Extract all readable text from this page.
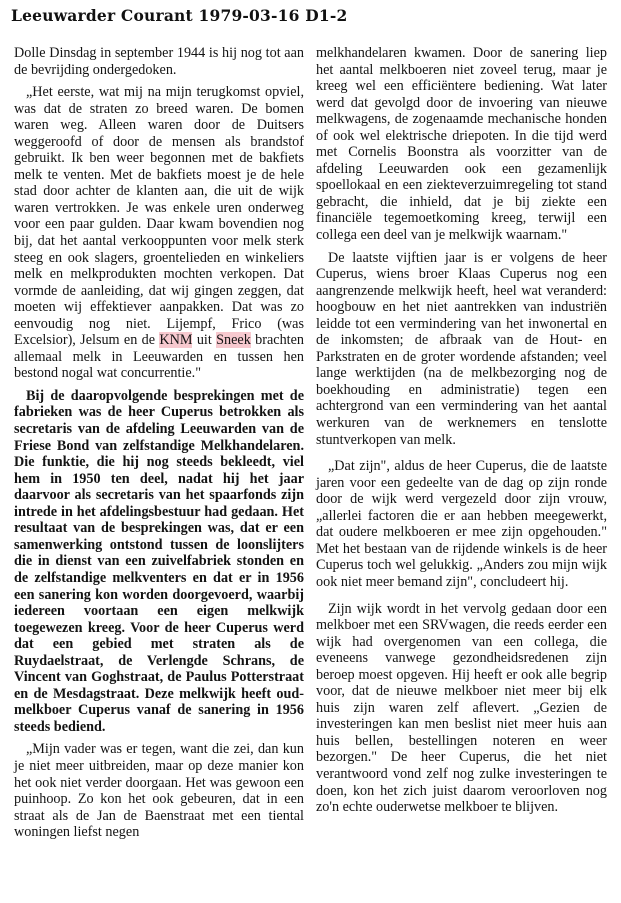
Leeuwarder Courant 1979-03-16 D1-2

Dolle Dinsdag in september 1944 is hij nog tot aan de bevrijding ondergedoken.

„Het eerste, wat mij na mijn terugkomst opviel, was dat de straten zo breed waren. De bomen waren weg. Alleen waren door de Duitsers weggeroofd of door de mensen als brandstof gebruikt. Ik ben weer begonnen met de bakfiets melk te venten. Met de bakfiets moest je de hele stad door achter de klanten aan, die uit de wijk waren vertrokken. Je was enkele uren onderweg voor een paar gulden. Daar kwam bovendien nog bij, dat het aantal verkooppunten voor melk sterk steeg en ook slagers, groentelieden en winkeliers melk en melkprodukten mochten verkopen. Dat vormde de aanleiding, dat wij gingen zeggen, dat moeten wij effektiever aanpakken. Dat was zo eenvoudig nog niet. Lijempf, Frico (was Excelsior), Jelsum en de KNM uit Sneek brachten allemaal melk in Leeuwarden en tussen hen bestond nogal wat concurrentie."

Bij de daaropvolgende besprekingen met de fabrieken was de heer Cuperus betrokken als secretaris van de afdeling Leeuwarden van de Friese Bond van zelfstandige Melkhandelaren. Die funktie, die hij nog steeds bekleedt, viel hem in 1950 ten deel, nadat hij het jaar daarvoor als secretaris van het spaarfonds zijn intrede in het afdelingsbestuur had gedaan. Het resultaat van de besprekingen was, dat er een samenwerking ontstond tussen de loonslijters die in dienst van een zuivelfabriek stonden en de zelfstandige melkventers en dat er in 1956 een sanering kon worden doorgevoerd, waarbij iedereen voortaan een eigen melkwijk toegewezen kreeg. Voor de heer Cuperus werd dat een gebied met straten als de Ruydaelstraat, de Verlengde Schrans, de Vincent van Goghstraat, de Paulus Potterstraat en de Mesdagstraat. Deze melkwijk heeft oud-melkboer Cuperus vanaf de sanering in 1956 steeds bediend.

„Mijn vader was er tegen, want die zei, dan kun je niet meer uitbreiden, maar op deze manier kon het ook niet verder doorgaan. Het was gewoon een puinhoop. Zo kon het ook gebeuren, dat in een straat als de Jan de Baenstraat met een tiental woningen liefst negen

melkhandelaren kwamen. Door de sanering liep het aantal melkboeren niet zoveel terug, maar je kreeg wel een efficiëntere bediening. Wat later werd dat gevolgd door de invoering van nieuwe melkwagens, de zogenaamde mechanische honden of ook wel elektrische driepoten. In die tijd werd met Cornelis Boonstra als voorzitter van de afdeling Leeuwarden ook een gezamenlijk spoellokaal en een ziekteverzuimregeling tot stand gebracht, die inhield, dat je bij ziekte een financiële tegemoetkoming kreeg, terwijl een collega een deel van je melkwijk waarnam."

De laatste vijftien jaar is er volgens de heer Cuperus, wiens broer Klaas Cuperus nog een aangrenzende melkwijk heeft, heel wat veranderd: hoogbouw en het niet aantrekken van industriën leidde tot een vermindering van het inwonertal en de inkomsten; de afbraak van de Hout- en Parkstraten en de groter wordende afstanden; veel lange werktijden (na de melkbezorging nog de boekhouding en administratie) tegen een achtergrond van een vermindering van het aantal werkuren van de werknemers en tenslotte stuntverkopen van melk.

„Dat zijn", aldus de heer Cuperus, die de laatste jaren voor een gedeelte van de dag op zijn ronde door de wijk werd vergezeld door zijn vrouw, „allerlei factoren die er aan hebben meegewerkt, dat oudere melkboeren er mee zijn opgehouden." Met het bestaan van de rijdende winkels is de heer Cuperus toch wel gelukkig. „Anders zou mijn wijk ook niet meer bemand zijn", concludeert hij.

Zijn wijk wordt in het vervolg gedaan door een melkboer met een SRVwagen, die reeds eerder een wijk had overgenomen van een collega, die eveneens vanwege gezondheidsredenen zijn beroep moest opgeven. Hij heeft er ook alle begrip voor, dat de nieuwe melkboer niet meer bij elk huis zijn waren zelf aflevert. „Gezien de investeringen kan men beslist niet meer huis aan huis bellen, bestellingen noteren en weer bezorgen." De heer Cuperus, die het niet verantwoord vond zelf nog zulke investeringen te doen, kon het zich juist daarom veroorloven nog zo'n echte ouderwetse melkboer te blijven.
